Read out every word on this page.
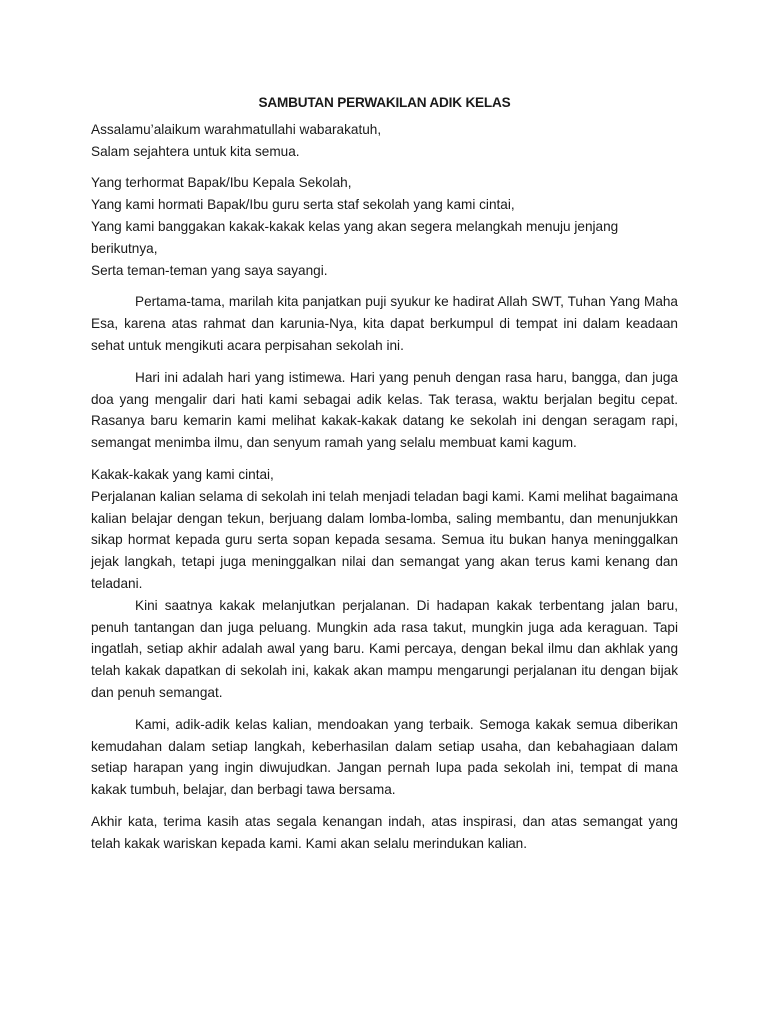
SAMBUTAN PERWAKILAN ADIK KELAS
Assalamu’alaikum warahmatullahi wabarakatuh,
Salam sejahtera untuk kita semua.
Yang terhormat Bapak/Ibu Kepala Sekolah,
Yang kami hormati Bapak/Ibu guru serta staf sekolah yang kami cintai,
Yang kami banggakan kakak-kakak kelas yang akan segera melangkah menuju jenjang
berikutnya,
Serta teman-teman yang saya sayangi.

Pertama-tama, marilah kita panjatkan puji syukur ke hadirat Allah SWT, Tuhan Yang Maha Esa, karena atas rahmat dan karunia-Nya, kita dapat berkumpul di tempat ini dalam keadaan sehat untuk mengikuti acara perpisahan sekolah ini.

Hari ini adalah hari yang istimewa. Hari yang penuh dengan rasa haru, bangga, dan juga doa yang mengalir dari hati kami sebagai adik kelas. Tak terasa, waktu berjalan begitu cepat. Rasanya baru kemarin kami melihat kakak-kakak datang ke sekolah ini dengan seragam rapi, semangat menimba ilmu, dan senyum ramah yang selalu membuat kami kagum.

Kakak-kakak yang kami cintai,
Perjalanan kalian selama di sekolah ini telah menjadi teladan bagi kami. Kami melihat bagaimana kalian belajar dengan tekun, berjuang dalam lomba-lomba, saling membantu, dan menunjukkan sikap hormat kepada guru serta sopan kepada sesama. Semua itu bukan hanya meninggalkan jejak langkah, tetapi juga meninggalkan nilai dan semangat yang akan terus kami kenang dan teladani.

Kini saatnya kakak melanjutkan perjalanan. Di hadapan kakak terbentang jalan baru, penuh tantangan dan juga peluang. Mungkin ada rasa takut, mungkin juga ada keraguan. Tapi ingatlah, setiap akhir adalah awal yang baru. Kami percaya, dengan bekal ilmu dan akhlak yang telah kakak dapatkan di sekolah ini, kakak akan mampu mengarungi perjalanan itu dengan bijak dan penuh semangat.

Kami, adik-adik kelas kalian, mendoakan yang terbaik. Semoga kakak semua diberikan kemudahan dalam setiap langkah, keberhasilan dalam setiap usaha, dan kebahagiaan dalam setiap harapan yang ingin diwujudkan. Jangan pernah lupa pada sekolah ini, tempat di mana kakak tumbuh, belajar, dan berbagi tawa bersama.

Akhir kata, terima kasih atas segala kenangan indah, atas inspirasi, dan atas semangat yang telah kakak wariskan kepada kami. Kami akan selalu merindukan kalian.
